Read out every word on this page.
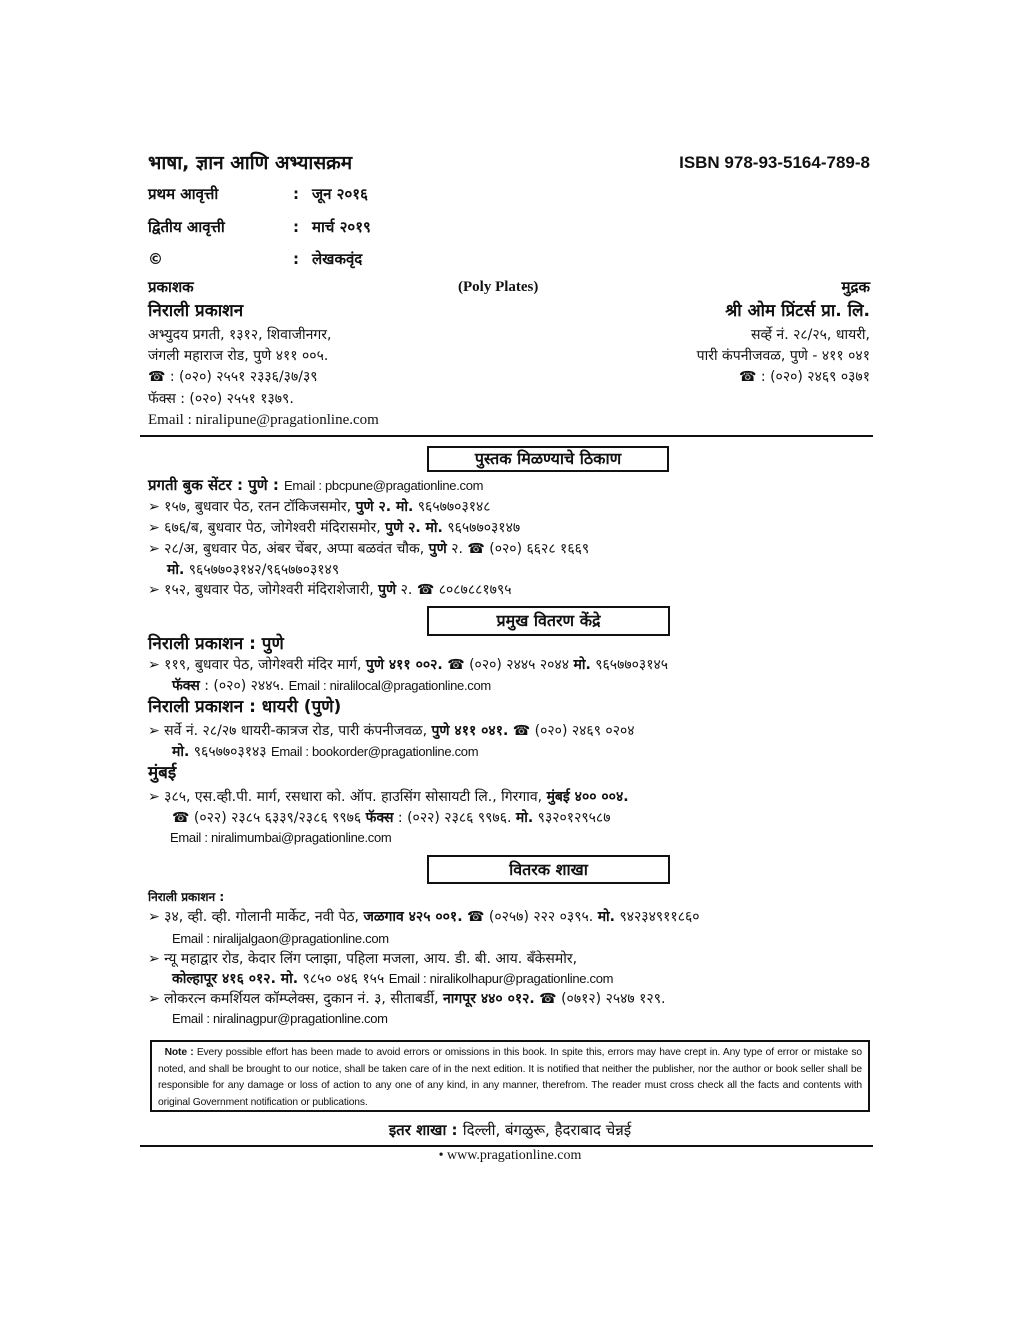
भाषा, ज्ञान आणि अभ्यासक्रम	ISBN 978-93-5164-789-8
प्रथम आवृत्ती	: जून २०१६
द्वितीय आवृत्ती	: मार्च २०१९
©	: लेखकवृंद
प्रकाशक	(Poly Plates)	मुद्रक
निराली प्रकाशन	श्री ओम प्रिंटर्स प्रा. लि.
अभ्युदय प्रगती, १३१२, शिवाजीनगर,
जंगली महाराज रोड, पुणे ४११ ००५.
☎ : (०२०) २५५१ २३३६/३७/३९
फॅक्स : (०२०) २५५१ १३७९.
Email : niralipune@pragationline.com
सर्व्हे नं. २८/२५, धायरी,
पारी कंपनीजवळ, पुणे - ४११ ०४१
☎ : (०२०) २४६९ ०३७१
पुस्तक मिळण्याचे ठिकाण
प्रगती बुक सेंटर : पुणे : Email : pbcpune@pragationline.com
➢ १५७, बुधवार पेठ, रतन टॉकिजसमोर, पुणे २. मो. ९६५७७०३१४८
➢ ६७६/ब, बुधवार पेठ, जोगेश्वरी मंदिरासमोर, पुणे २. मो. ९६५७७०३१४७
➢ २८/अ, बुधवार पेठ, अंबर चेंबर, अप्पा बळवंत चौक, पुणे २. ☎ (०२०) ६६२८ १६६९
मो. ९६५७७०३१४२/९६५७७०३१४९
➢ १५२, बुधवार पेठ, जोगेश्वरी मंदिराशेजारी, पुणे २. ☎ ८०८७८८१७९५
प्रमुख वितरण केंद्रे
निराली प्रकाशन : पुणे
➢ ११९, बुधवार पेठ, जोगेश्वरी मंदिर मार्ग, पुणे ४११ ००२. ☎ (०२०) २४४५ २०४४ मो. ९६५७७०३१४५
फॅक्स : (०२०) २४४५. Email : niralilocal@pragationline.com
निराली प्रकाशन : धायरी (पुणे)
➢ सर्वे नं. २८/२७ धायरी-कात्रज रोड, पारी कंपनीजवळ, पुणे ४११ ०४१. ☎ (०२०) २४६९ ०२०४
मो. ९६५७७०३१४३ Email : bookorder@pragationline.com
मुंबई
➢ ३८५, एस.व्ही.पी. मार्ग, रसधारा को. ऑप. हाउसिंग सोसायटी लि., गिरगाव, मुंबई ४०० ००४.
☎ (०२२) २३८५ ६३३९/२३८६ ९९७६ फॅक्स : (०२२) २३८६ ९९७६. मो. ९३२०१२९५८७
Email : niralimumbai@pragationline.com
वितरक शाखा
निराली प्रकाशन :
➢ ३४, व्ही. व्ही. गोलानी मार्केट, नवी पेठ, जळगाव ४२५ ००१. ☎ (०२५७) २२२ ०३९५. मो. ९४२३४९११८६०
Email : niralijalgaon@pragationline.com
➢ न्यू महाद्वार रोड, केदार लिंग प्लाझा, पहिला मजला, आय. डी. बी. आय. बँकेसमोर,
कोल्हापूर ४१६ ०१२. मो. ९८५० ०४६ १५५ Email : niralikolhapur@pragationline.com
➢ लोकरत्न कमर्शियल कॉम्प्लेक्स, दुकान नं. ३, सीताबर्डी, नागपूर ४४० ०१२. ☎ (०७१२) २५४७ १२९.
Email : niralinagpur@pragationline.com
Note : Every possible effort has been made to avoid errors or omissions in this book. In spite this, errors may have crept in. Any type of error or mistake so noted, and shall be brought to our notice, shall be taken care of in the next edition. It is notified that neither the publisher, nor the author or book seller shall be responsible for any damage or loss of action to any one of any kind, in any manner, therefrom. The reader must cross check all the facts and contents with original Government notification or publications.
इतर शाखा : दिल्ली, बंगळुरू, हैदराबाद चेन्नई
• www.pragationline.com
